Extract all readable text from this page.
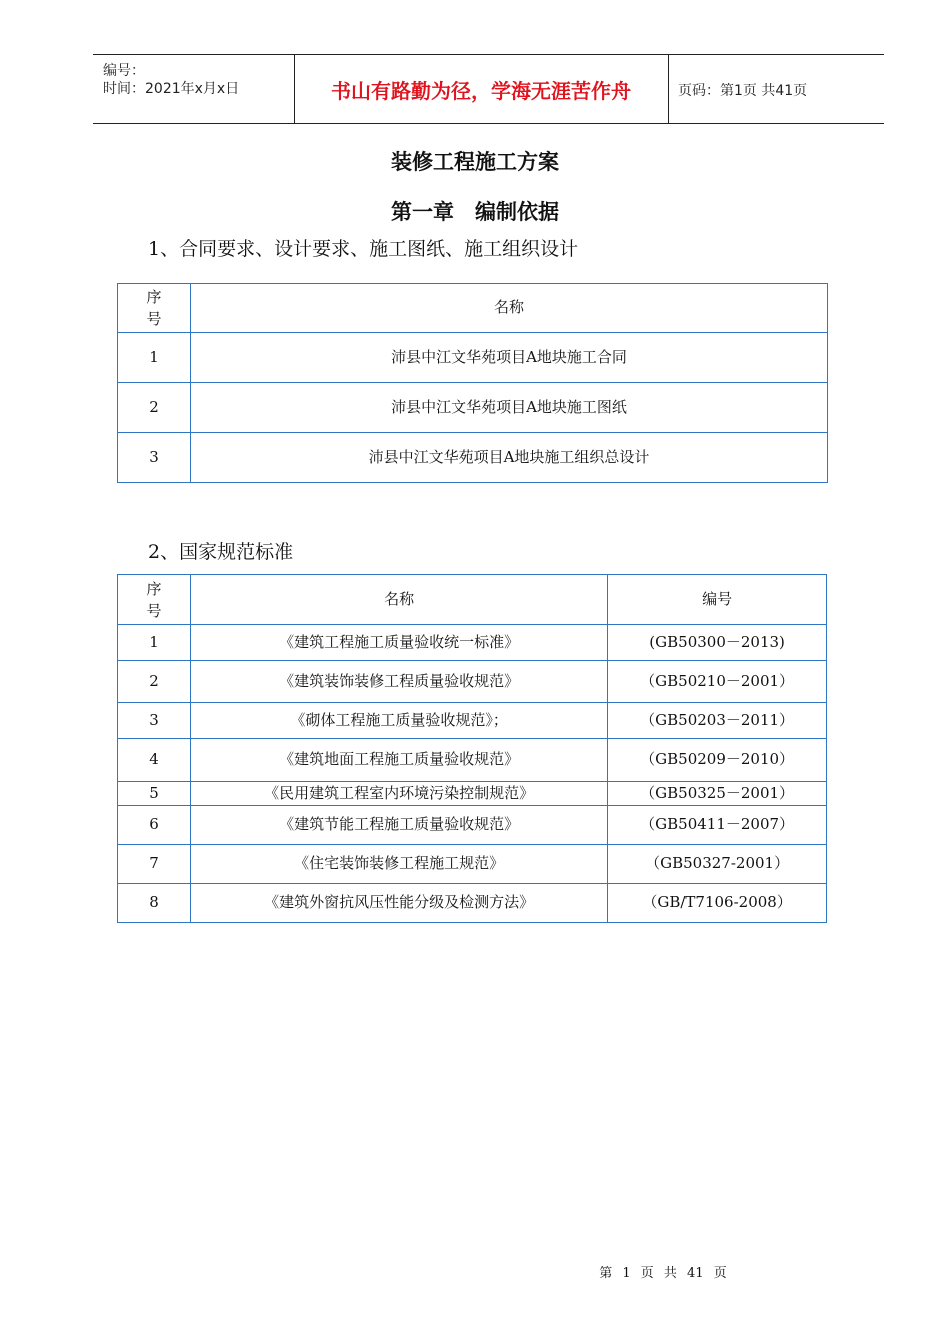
编号：
时间：2021年x月x日	书山有路勤为径，学海无涯苦作舟	页码：第1页 共41页
装修工程施工方案
第一章　编制依据
1、合同要求、设计要求、施工图纸、施工组织设计
序号	名称
1	沛县中江文华苑项目A地块施工合同
2	沛县中江文华苑项目A地块施工图纸
3	沛县中江文华苑项目A地块施工组织总设计
2、国家规范标准
序号	名称	编号
1	《建筑工程施工质量验收统一标准》	(GB50300－2013)
2	《建筑装饰装修工程质量验收规范》	（GB50210－2001）
3	《砌体工程施工质量验收规范》；	（GB50203－2011）
4	《建筑地面工程施工质量验收规范》	（GB50209－2010）
5	《民用建筑工程室内环境污染控制规范》	（GB50325－2001）
6	《建筑节能工程施工质量验收规范》	（GB50411－2007）
7	《住宅装饰装修工程施工规范》	（GB50327-2001）
8	《建筑外窗抗风压性能分级及检测方法》	（GB/T7106-2008）
第 1 页 共 41 页
